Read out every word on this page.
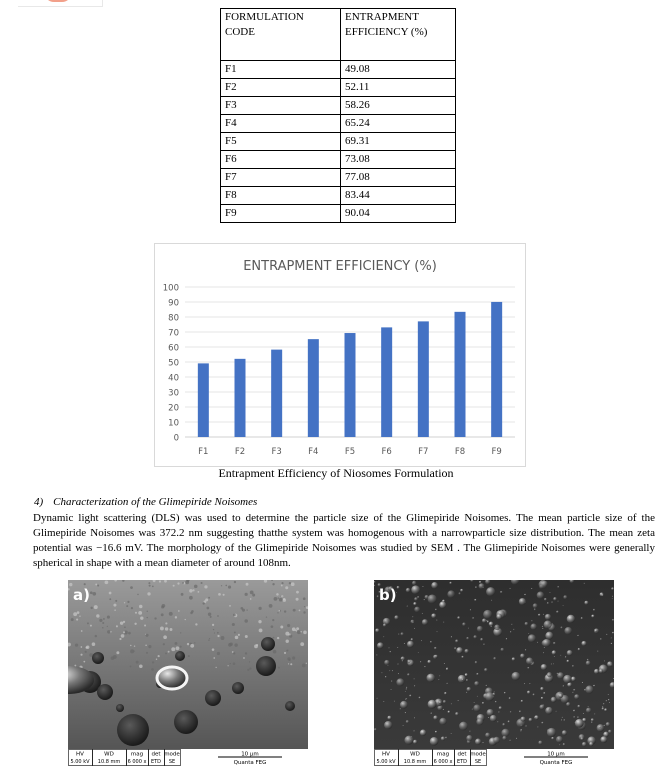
FORMULATION CODE	ENTRAPMENT EFFICIENCY (%)
F1	49.08
F2	52.11
F3	58.26
F4	65.24
F5	69.31
F6	73.08
F7	77.08
F8	83.44
F9	90.04
ENTRAPMENT EFFICIENCY (%)
0
10
20
30
40
50
60
70
80
90
100
F1	F2	F3	F4	F5	F6	F7	F8	F9
Entrapment Efficiency of Niosomes Formulation
4) Characterization of the Glimepiride Noisomes
Dynamic light scattering (DLS) was used to determine the particle size of the Glimepiride Noisomes. The mean particle size of the Glimepiride Noisomes was 372.2 nm suggesting thatthe system was homogenous with a narrowparticle size distribution. The mean zeta potential was −16.6 mV. The morphology of the Glimepiride Noisomes was studied by SEM . The Glimepiride Noisomes were generally spherical in shape with a mean diameter of around 108nm.
a)
HV
5.00 kV
WD
10.8 mm
mag
6 000 x
det
ETD
mode
SE
10 µm
Quanta FEG
b)
HV
5.00 kV
WD
10.8 mm
mag
6 000 x
det
ETD
mode
SE
10 µm
Quanta FEG
